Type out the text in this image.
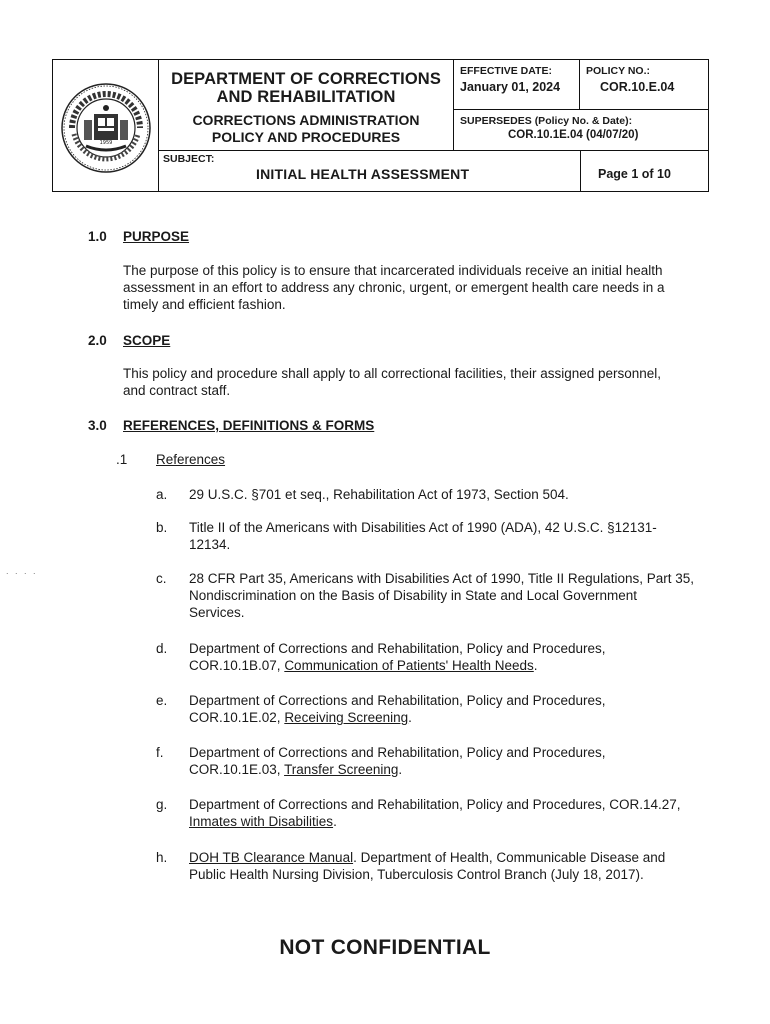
1959
DEPARTMENT OF CORRECTIONS
AND REHABILITATION
CORRECTIONS ADMINISTRATION
POLICY AND PROCEDURES
EFFECTIVE DATE:
January 01, 2024
POLICY NO.:
COR.10.E.04
SUPERSEDES (Policy No. & Date):
COR.10.1E.04 (04/07/20)
SUBJECT:
INITIAL HEALTH ASSESSMENT	Page 1 of 10
1.0 PURPOSE
The purpose of this policy is to ensure that incarcerated individuals receive an initial health assessment in an effort to address any chronic, urgent, or emergent health care needs in a timely and efficient fashion.
2.0 SCOPE
This policy and procedure shall apply to all correctional facilities, their assigned personnel, and contract staff.
3.0 REFERENCES, DEFINITIONS & FORMS
.1 References
. . . .
a. 29 U.S.C. §701 et seq., Rehabilitation Act of 1973, Section 504.
b. Title II of the Americans with Disabilities Act of 1990 (ADA), 42 U.S.C. §12131-12134.
c. 28 CFR Part 35, Americans with Disabilities Act of 1990, Title II Regulations, Part 35, Nondiscrimination on the Basis of Disability in State and Local Government Services.
d. Department of Corrections and Rehabilitation, Policy and Procedures, COR.10.1B.07, Communication of Patients' Health Needs.
e. Department of Corrections and Rehabilitation, Policy and Procedures, COR.10.1E.02, Receiving Screening.
f. Department of Corrections and Rehabilitation, Policy and Procedures, COR.10.1E.03, Transfer Screening.
g. Department of Corrections and Rehabilitation, Policy and Procedures, COR.14.27, Inmates with Disabilities.
h. DOH TB Clearance Manual. Department of Health, Communicable Disease and Public Health Nursing Division, Tuberculosis Control Branch (July 18, 2017).
NOT CONFIDENTIAL
